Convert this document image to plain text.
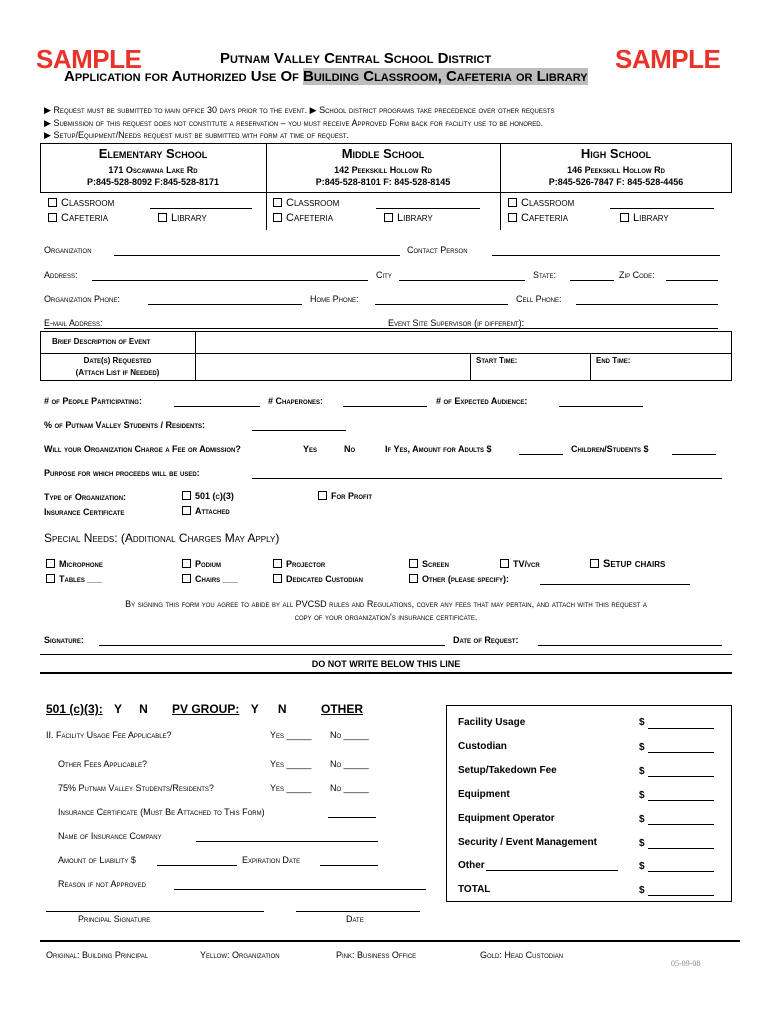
SAMPLE	SAMPLE
Putnam Valley Central School District
Application for Authorized Use Of Building Classroom, Cafeteria or Library
▶ Request must be submitted to main office 30 days prior to the event. ▶ School district programs take precedence over other requests
▶ Submission of this request does not constitute a reservation – you must receive Approved Form back for facility use to be honored.
▶ Setup/Equipment/Needs request must be submitted with form at time of request.
Elementary School
171 Oscawana Lake Rd
P:845-528-8092 F:845-528-8171
Middle School
142 Peekskill Hollow Rd
P:845-528-8101 F: 845-528-8145
High School
146 Peekskill Hollow Rd
P:845-526-7847 F: 845-528-4456
Classroom
Cafeteria	Library
Classroom
Cafeteria	Library
Classroom
Cafeteria	Library
Organization	Contact Person
Address:	City	State:	Zip Code:
Organization Phone:	Home Phone:	Cell Phone:
E-mail Address:	Event Site Supervisor (if different):
Brief Description of Event
Date(s) Requested
(Attach List if Needed)
Start Time:	End Time:
# of People Participating:	# Chaperones:	# of Expected Audience:
% of Putnam Valley Students / Residents:
Will your Organization Charge a Fee or Admission?	Yes	No	If Yes, Amount for Adults $	Children/Students $
Purpose for which proceeds will be used:
Type of Organization:
Insurance Certificate
501 (c)(3)
Attached
For Profit
Special Needs: (Additional Charges May Apply)
Microphone
Tables ___
Podium
Chairs ___
Projector
Dedicated Custodian
Screen
Other (please specify):
TV/vcr	Setup chairs
By signing this form you agree to abide by all PVCSD rules and Regulations, cover any fees that may pertain, and attach with this request a
copy of your organization's insurance certificate.
Signature:	Date of Request:
DO NOT WRITE BELOW THIS LINE
501 (c)(3): Y N PV GROUP: Y N	OTHER
II. Facility Usage Fee Applicable?	Yes _____ No _____
Other Fees Applicable?	Yes _____ No _____
75% Putnam Valley Students/Residents?	Yes _____ No _____
Insurance Certificate (Must Be Attached to This Form)
Name of Insurance Company
Amount of Liability $	Expiration Date
Reason if not Approved
Principal Signature	Date
Facility Usage	$
Custodian	$
Setup/Takedown Fee	$
Equipment	$
Equipment Operator	$
Security / Event Management	$
Other	$
TOTAL	$
Original: Building Principal	Yellow: Organization	Pink: Business Office	Gold: Head Custodian
05-09-08
